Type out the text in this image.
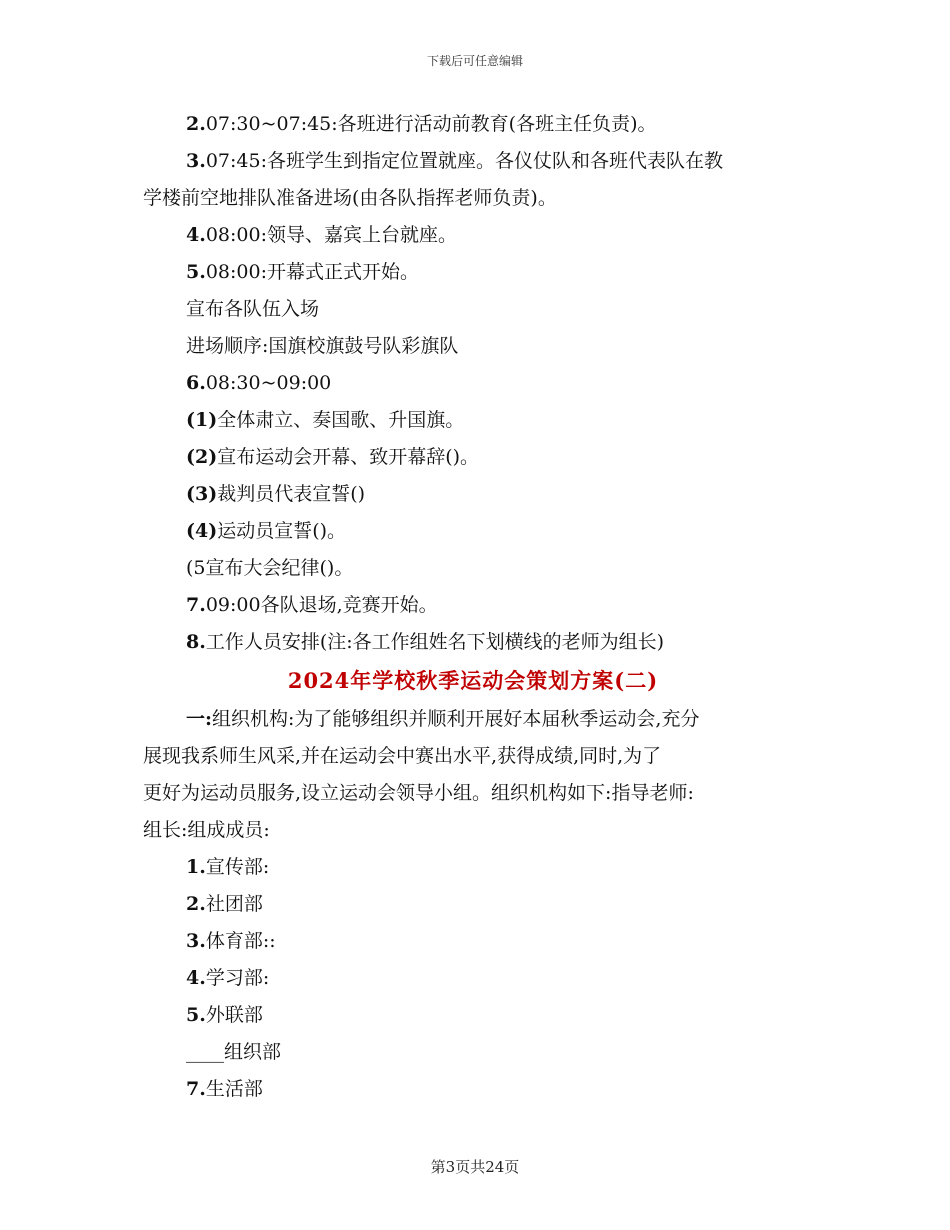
下载后可任意编辑

2.07:30~07:45:各班进行活动前教育(各班主任负责)。

3.07:45:各班学生到指定位置就座。各仪仗队和各班代表队在教

学楼前空地排队准备进场(由各队指挥老师负责)。

4.08:00:领导、嘉宾上台就座。

5.08:00:开幕式正式开始。

宣布各队伍入场

进场顺序:国旗校旗鼓号队彩旗队

6.08:30~09:00

(1)全体肃立、奏国歌、升国旗。

(2)宣布运动会开幕、致开幕辞()。

(3)裁判员代表宣誓()

(4)运动员宣誓()。

(5宣布大会纪律()。

7.09:00各队退场,竞赛开始。

8.工作人员安排(注:各工作组姓名下划横线的老师为组长)

2024年学校秋季运动会策划方案(二)

一:组织机构:为了能够组织并顺利开展好本届秋季运动会,充分

展现我系师生风采,并在运动会中赛出水平,获得成绩,同时,为了

更好为运动员服务,设立运动会领导小组。组织机构如下:指导老师:

组长:组成成员:

1.宣传部:

2.社团部

3.体育部::

4.学习部:

5.外联部

____组织部

7.生活部

第3页共24页
